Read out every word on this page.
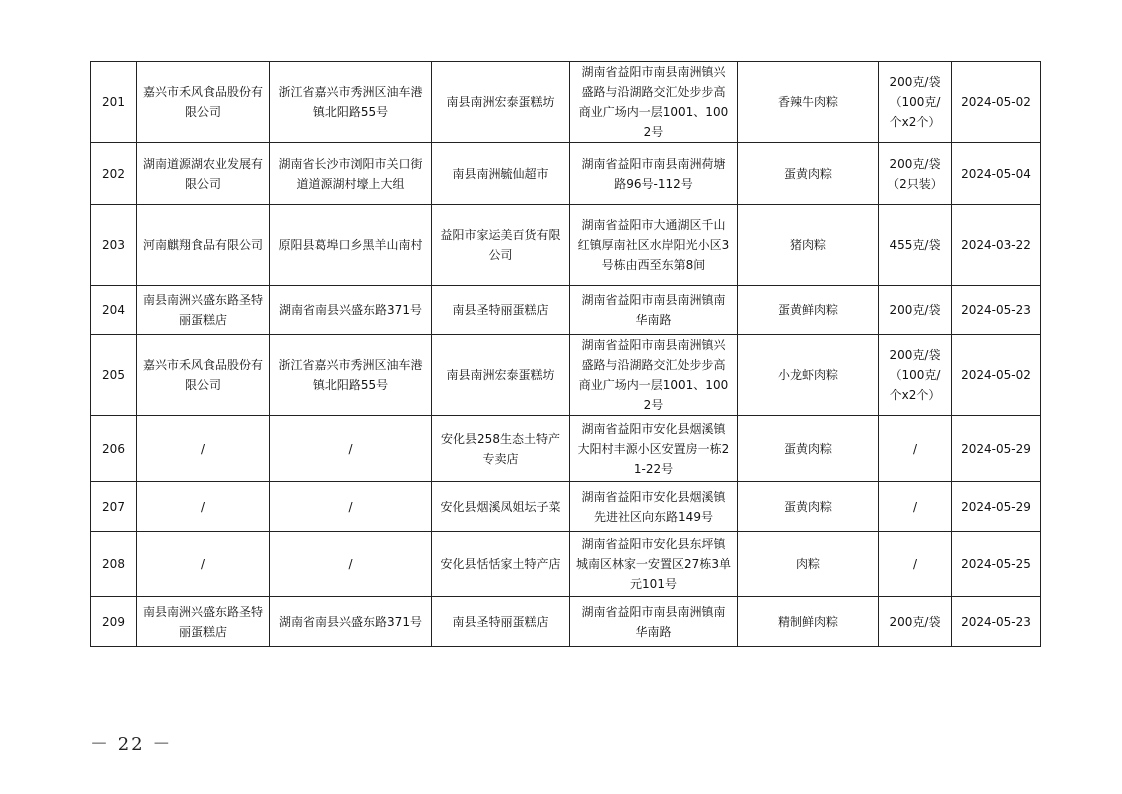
201	嘉兴市禾风食品股份有限公司	浙江省嘉兴市秀洲区油车港镇北阳路55号	南县南洲宏泰蛋糕坊	湖南省益阳市南县南洲镇兴盛路与沿湖路交汇处步步高商业广场内一层1001、1002号	香辣牛肉粽	200克/袋（100克/个x2个）	2024-05-02
202	湖南道源湖农业发展有限公司	湖南省长沙市浏阳市关口街道道源湖村壕上大组	南县南洲毓仙超市	湖南省益阳市南县南洲荷塘路96号-112号	蛋黄肉粽	200克/袋（2只装）	2024-05-04
203	河南麒翔食品有限公司	原阳县葛埠口乡黑羊山南村	益阳市家运美百货有限公司	湖南省益阳市大通湖区千山红镇厚南社区水岸阳光小区3号栋由西至东第8间	猪肉粽	455克/袋	2024-03-22
204	南县南洲兴盛东路圣特丽蛋糕店	湖南省南县兴盛东路371号	南县圣特丽蛋糕店	湖南省益阳市南县南洲镇南华南路	蛋黄鲜肉粽	200克/袋	2024-05-23
205	嘉兴市禾风食品股份有限公司	浙江省嘉兴市秀洲区油车港镇北阳路55号	南县南洲宏泰蛋糕坊	湖南省益阳市南县南洲镇兴盛路与沿湖路交汇处步步高商业广场内一层1001、1002号	小龙虾肉粽	200克/袋（100克/个x2个）	2024-05-02
206	/	/	安化县258生态土特产专卖店	湖南省益阳市安化县烟溪镇大阳村丰源小区安置房一栋21-22号	蛋黄肉粽	/	2024-05-29
207	/	/	安化县烟溪凤姐坛子菜	湖南省益阳市安化县烟溪镇先进社区向东路149号	蛋黄肉粽	/	2024-05-29
208	/	/	安化县恬恬家土特产店	湖南省益阳市安化县东坪镇城南区林家一安置区27栋3单元101号	肉粽	/	2024-05-25
209	南县南洲兴盛东路圣特丽蛋糕店	湖南省南县兴盛东路371号	南县圣特丽蛋糕店	湖南省益阳市南县南洲镇南华南路	精制鲜肉粽	200克/袋	2024-05-23
－ 22 －
